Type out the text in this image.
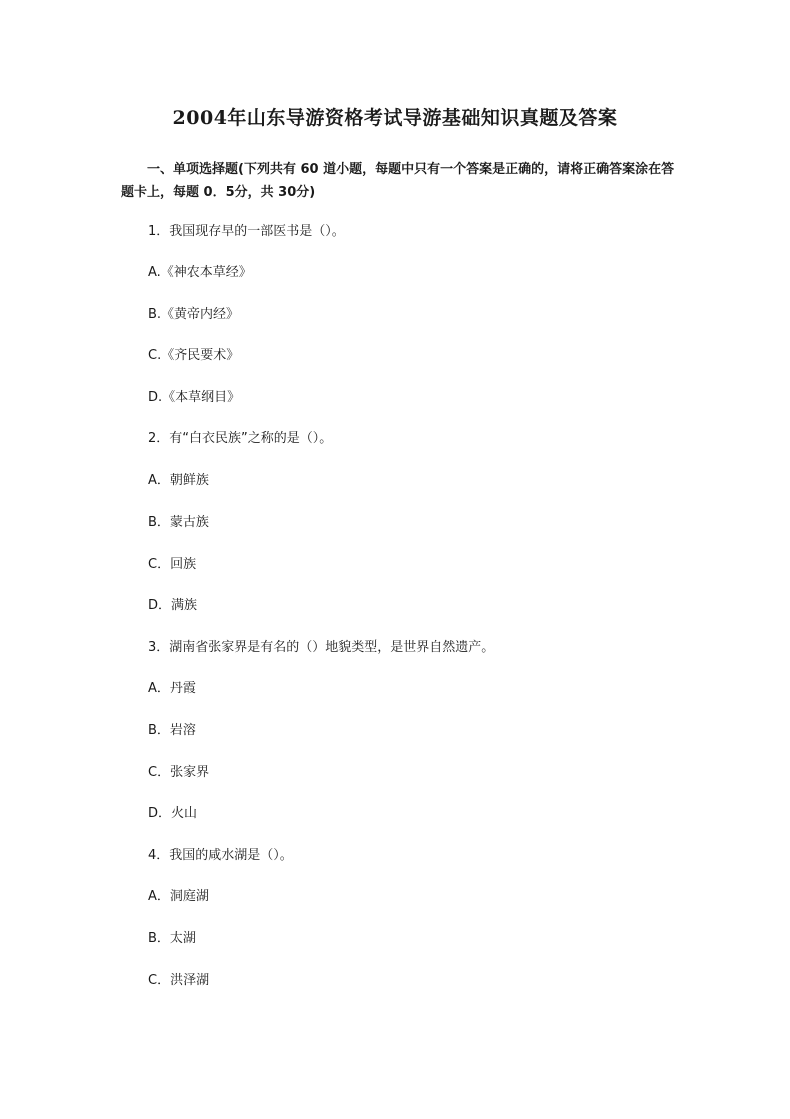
2004年山东导游资格考试导游基础知识真题及答案
一、单项选择题(下列共有 60 道小题，每题中只有一个答案是正确的，请将正确答案涂在答题卡上，每题 0．5分，共 30分)
1．我国现存早的一部医书是（）。
A.《神农本草经》
B.《黄帝内经》
C.《齐民要术》
D.《本草纲目》
2．有“白衣民族”之称的是（）。
A．朝鲜族
B．蒙古族
C．回族
D．满族
3．湖南省张家界是有名的（）地貌类型，是世界自然遗产。
A．丹霞
B．岩溶
C．张家界
D．火山
4．我国的咸水湖是（）。
A．洞庭湖
B．太湖
C．洪泽湖
